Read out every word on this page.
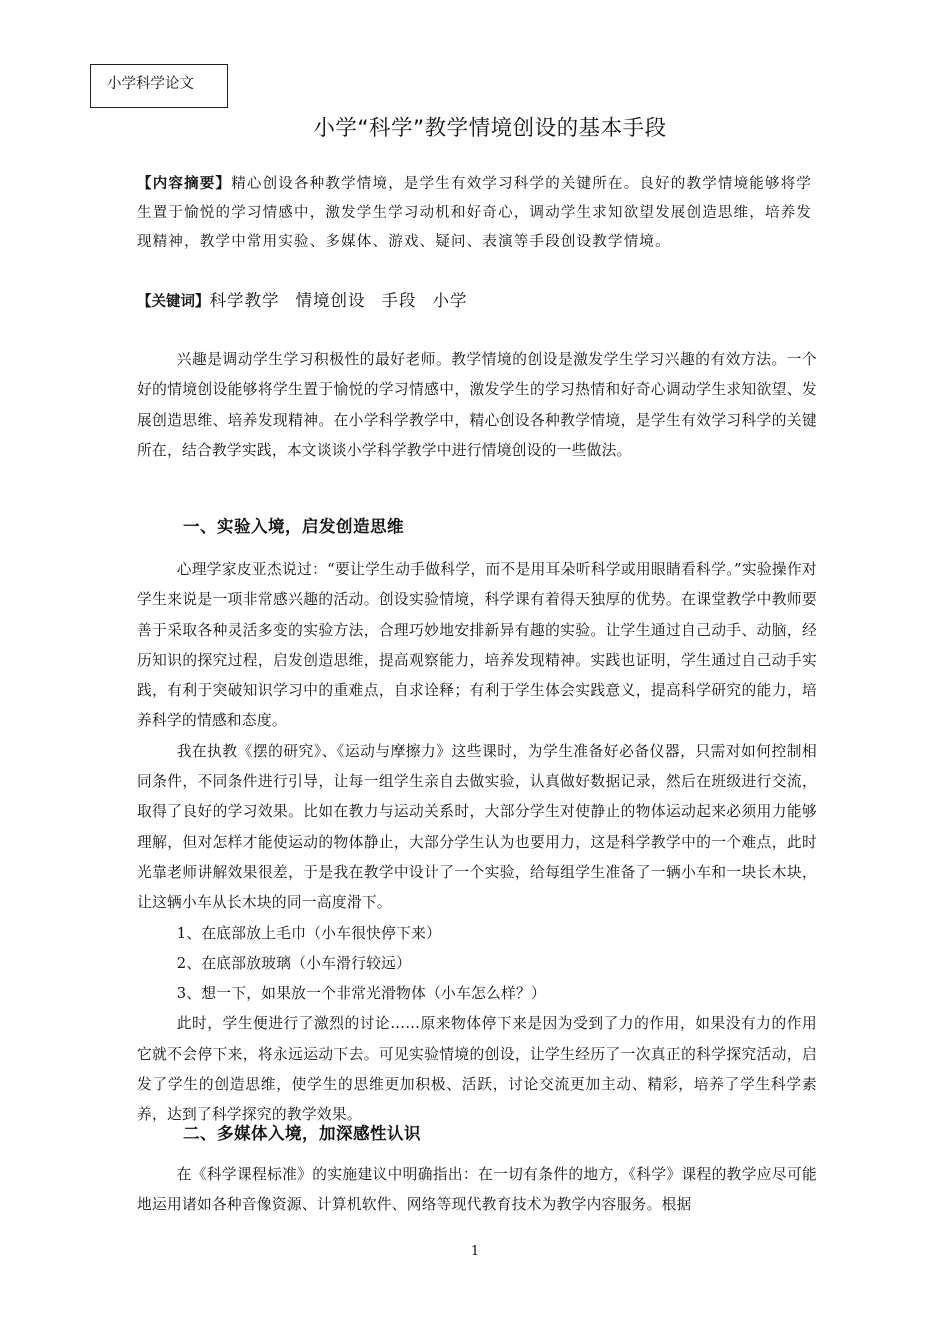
小学科学论文
小学“科学”教学情境创设的基本手段
【内容摘要】精心创设各种教学情境，是学生有效学习科学的关键所在。良好的教学情境能够将学生置于愉悦的学习情感中，激发学生学习动机和好奇心，调动学生求知欲望发展创造思维，培养发现精神，教学中常用实验、多媒体、游戏、疑问、表演等手段创设教学情境。
【关键词】科学教学 情境创设 手段 小学

兴趣是调动学生学习积极性的最好老师。教学情境的创设是激发学生学习兴趣的有效方法。一个好的情境创设能够将学生置于愉悦的学习情感中，激发学生的学习热情和好奇心调动学生求知欲望、发展创造思维、培养发现精神。在小学科学教学中，精心创设各种教学情境，是学生有效学习科学的关键所在，结合教学实践，本文谈谈小学科学教学中进行情境创设的一些做法。

一、实验入境，启发创造思维

心理学家皮亚杰说过：“要让学生动手做科学，而不是用耳朵听科学或用眼睛看科学。”实验操作对学生来说是一项非常感兴趣的活动。创设实验情境，科学课有着得天独厚的优势。在课堂教学中教师要善于采取各种灵活多变的实验方法，合理巧妙地安排新异有趣的实验。让学生通过自己动手、动脑，经历知识的探究过程，启发创造思维，提高观察能力，培养发现精神。实践也证明，学生通过自己动手实践，有利于突破知识学习中的重难点，自求诠释；有利于学生体会实践意义，提高科学研究的能力，培养科学的情感和态度。

我在执教《摆的研究》、《运动与摩擦力》这些课时，为学生准备好必备仪器，只需对如何控制相同条件，不同条件进行引导，让每一组学生亲自去做实验，认真做好数据记录，然后在班级进行交流，取得了良好的学习效果。比如在教力与运动关系时，大部分学生对使静止的物体运动起来必须用力能够理解，但对怎样才能使运动的物体静止，大部分学生认为也要用力，这是科学教学中的一个难点，此时光靠老师讲解效果很差，于是我在教学中设计了一个实验，给每组学生准备了一辆小车和一块长木块，让这辆小车从长木块的同一高度滑下。

1、在底部放上毛巾（小车很快停下来）

2、在底部放玻璃（小车滑行较远）

3、想一下，如果放一个非常光滑物体（小车怎么样？）

此时，学生便进行了激烈的讨论……原来物体停下来是因为受到了力的作用，如果没有力的作用它就不会停下来，将永远运动下去。可见实验情境的创设，让学生经历了一次真正的科学探究活动，启发了学生的创造思维，使学生的思维更加积极、活跃，讨论交流更加主动、精彩，培养了学生科学素养，达到了科学探究的教学效果。

二、多媒体入境，加深感性认识

在《科学课程标准》的实施建议中明确指出：在一切有条件的地方，《科学》课程的教学应尽可能地运用诸如各种音像资源、计算机软件、网络等现代教育技术为教学内容服务。根据

1
